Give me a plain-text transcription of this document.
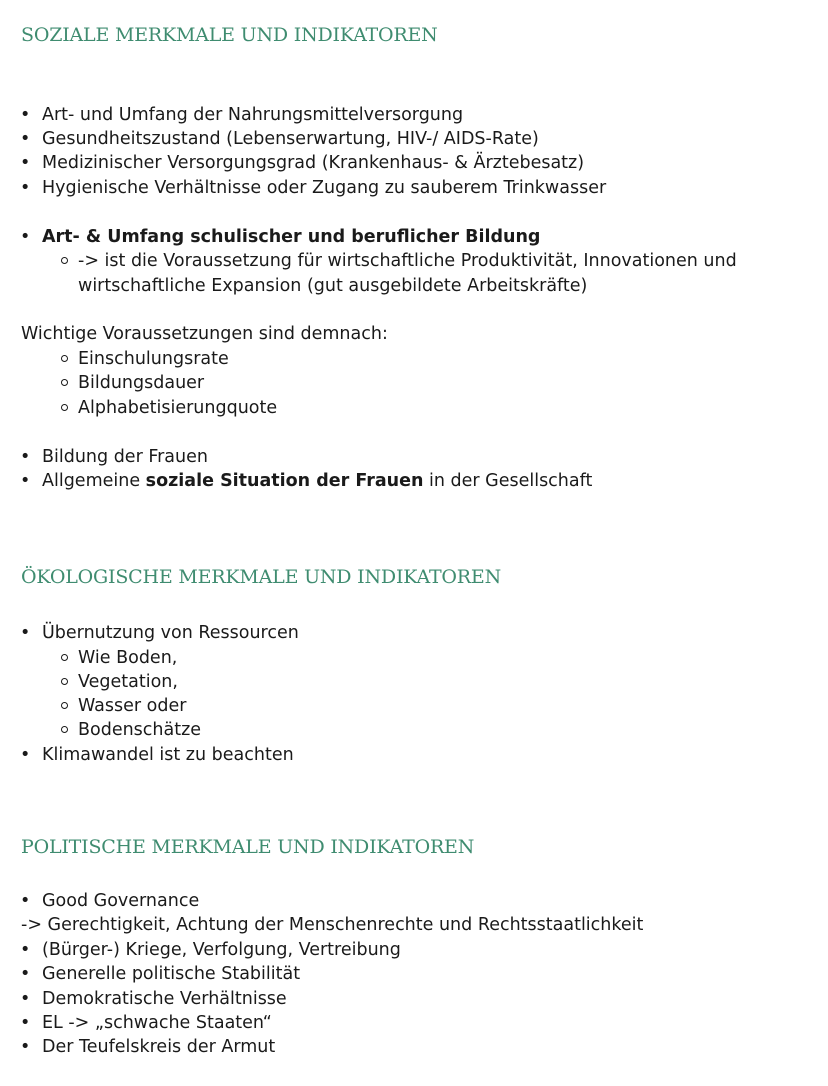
SOZIALE MERKMALE UND INDIKATOREN
• Art- und Umfang der Nahrungsmittelversorgung
• Gesundheitszustand (Lebenserwartung, HIV-/ AIDS-Rate)
• Medizinischer Versorgungsgrad (Krankenhaus- & Ärztebesatz)
• Hygienische Verhältnisse oder Zugang zu sauberem Trinkwasser
• Art- & Umfang schulischer und beruflicher Bildung
-> ist die Voraussetzung für wirtschaftliche Produktivität, Innovationen und
wirtschaftliche Expansion (gut ausgebildete Arbeitskräfte)
Wichtige Voraussetzungen sind demnach:
Einschulungsrate
Bildungsdauer
Alphabetisierungquote
• Bildung der Frauen
• Allgemeine soziale Situation der Frauen in der Gesellschaft
ÖKOLOGISCHE MERKMALE UND INDIKATOREN
• Übernutzung von Ressourcen
Wie Boden,
Vegetation,
Wasser oder
Bodenschätze
• Klimawandel ist zu beachten
POLITISCHE MERKMALE UND INDIKATOREN
• Good Governance
-> Gerechtigkeit, Achtung der Menschenrechte und Rechtsstaatlichkeit
• (Bürger-) Kriege, Verfolgung, Vertreibung
• Generelle politische Stabilität
• Demokratische Verhältnisse
• EL -> „schwache Staaten“
• Der Teufelskreis der Armut
